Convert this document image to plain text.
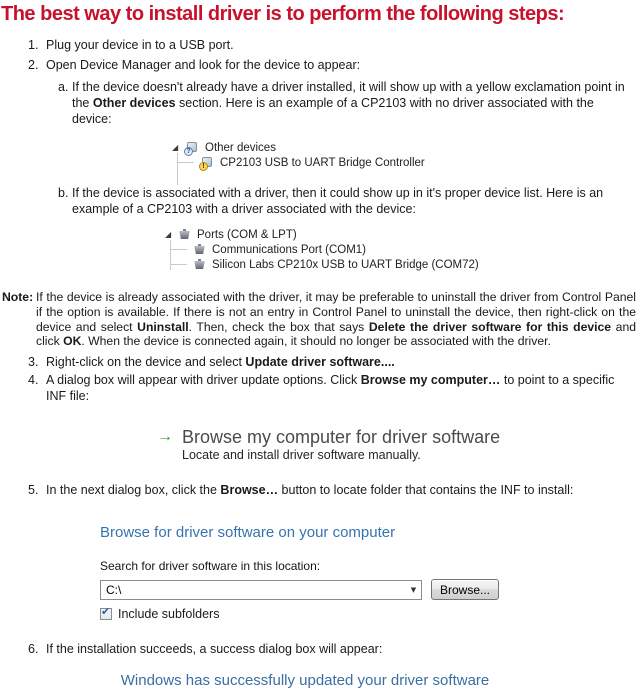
The best way to install driver is to perform the following steps:
1. Plug your device in to a USB port.
2. Open Device Manager and look for the device to appear:
a. If the device doesn't already have a driver installed, it will show up with a yellow exclamation point in the Other devices section. Here is an example of a CP2103 with no driver associated with the device:
◢	? Other devices
! CP2103 USB to UART Bridge Controller
b. If the device is associated with a driver, then it could show up in it's proper device list. Here is an example of a CP2103 with a driver associated with the device:
◢	Ports (COM & LPT)
Communications Port (COM1)
Silicon Labs CP210x USB to UART Bridge (COM72)
Note: If the device is already associated with the driver, it may be preferable to uninstall the driver from Control Panel if the option is available. If there is not an entry in Control Panel to uninstall the device, then right-click on the device and select Uninstall. Then, check the box that says Delete the driver software for this device and click OK. When the device is connected again, it should no longer be associated with the driver.
3. Right-click on the device and select Update driver software....
4. A dialog box will appear with driver update options. Click Browse my computer… to point to a specific INF file:
→ Browse my computer for driver software
Locate and install driver software manually.
5. In the next dialog box, click the Browse… button to locate folder that contains the INF to install:
Browse for driver software on your computer
Search for driver software in this location:
C:\	▼	Browse...
✔ Include subfolders
6. If the installation succeeds, a success dialog box will appear:
Windows has successfully updated your driver software
